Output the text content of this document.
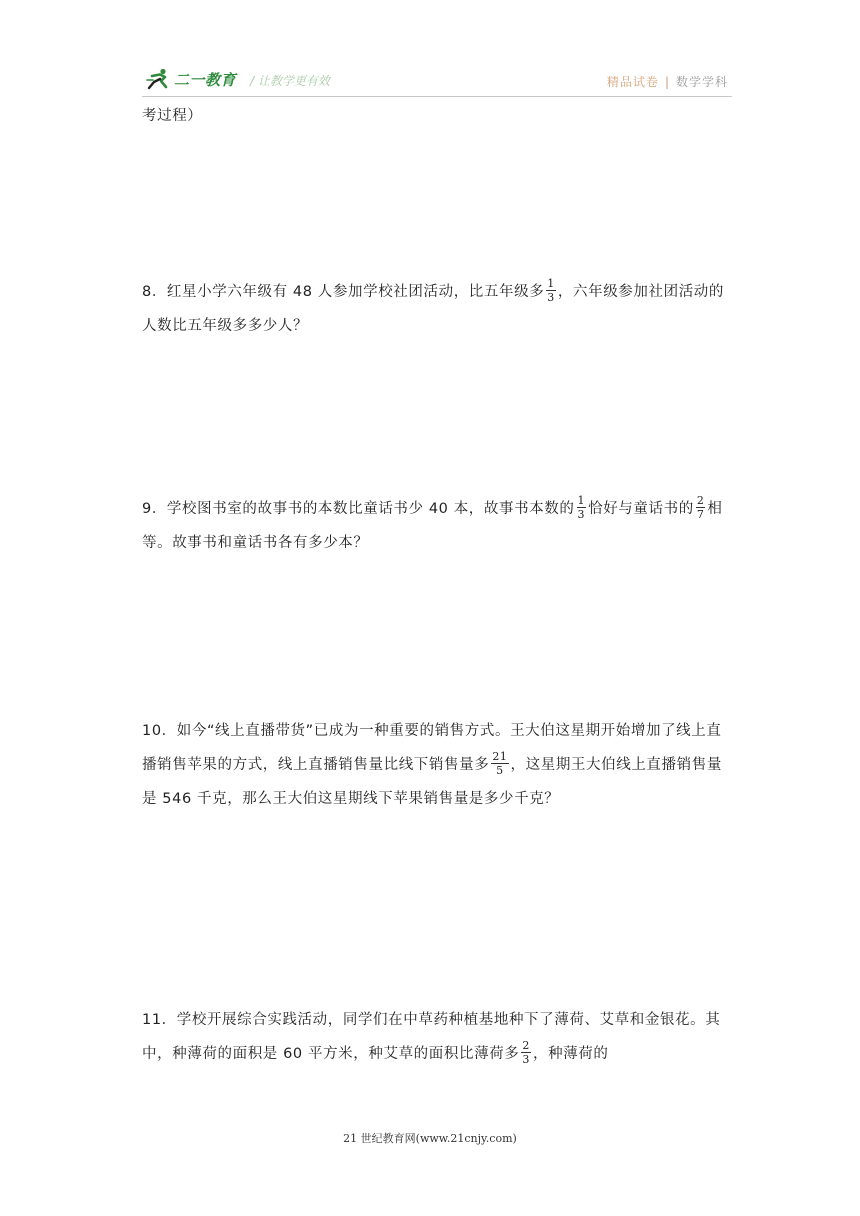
二一教育 / 让教学更有效	精品试卷 | 数学学科
考过程）
8．红星小学六年级有 48 人参加学校社团活动，比五年级多 $\frac{1}{3}$ ，六年级参加社团活动的人数比五年级多多少人？
9．学校图书室的故事书的本数比童话书少 40 本，故事书本数的 $\frac{1}{3}$ 恰好与童话书的 $\frac{2}{7}$ 相等。故事书和童话书各有多少本？
10．如今“线上直播带货”已成为一种重要的销售方式。王大伯这星期开始增加了线上直播销售苹果的方式，线上直播销售量比线下销售量多 $\frac{21}{5}$ ，这星期王大伯线上直播销售量是 546 千克，那么王大伯这星期线下苹果销售量是多少千克？
11．学校开展综合实践活动，同学们在中草药种植基地种下了薄荷、艾草和金银花。其中，种薄荷的面积是 60 平方米，种艾草的面积比薄荷多 $\frac{2}{3}$ ，种薄荷的
21 世纪教育网(www.21cnjy.com)
